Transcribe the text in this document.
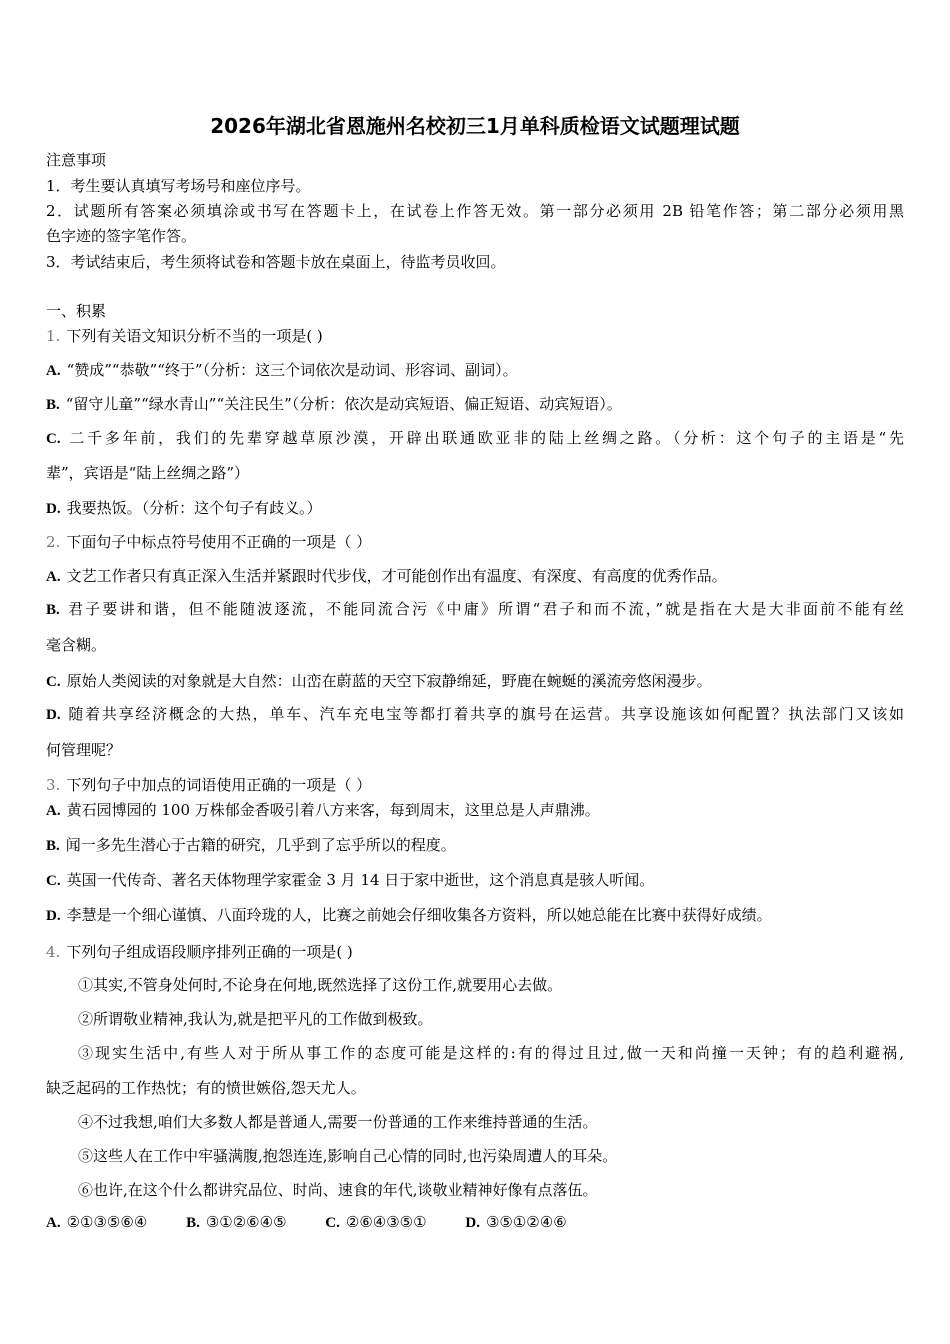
2026年湖北省恩施州名校初三1月单科质检语文试题理试题
注意事项
1．考生要认真填写考场号和座位序号。
2．试题所有答案必须填涂或书写在答题卡上，在试卷上作答无效。第一部分必须用 2B 铅笔作答；第二部分必须用黑
色字迹的签字笔作答。
3．考试结束后，考生须将试卷和答题卡放在桌面上，待监考员收回。
一、积累
1. 下列有关语文知识分析不当的一项是( )
A. “赞成”“恭敬”“终于”（分析：这三个词依次是动词、形容词、副词）。
B. “留守儿童”“绿水青山”“关注民生”（分析：依次是动宾短语、偏正短语、动宾短语）。
C. 二千多年前，我们的先辈穿越草原沙漠，开辟出联通欧亚非的陆上丝绸之路。（分析：这个句子的主语是“先
辈”，宾语是“陆上丝绸之路”）
D. 我要热饭。（分析：这个句子有歧义。）
2. 下面句子中标点符号使用不正确的一项是（ ）
A. 文艺工作者只有真正深入生活并紧跟时代步伐，才可能创作出有温度、有深度、有高度的优秀作品。
B. 君子要讲和谐，但不能随波逐流，不能同流合污《中庸》所谓“君子和而不流，”就是指在大是大非面前不能有丝
毫含糊。
C. 原始人类阅读的对象就是大自然：山峦在蔚蓝的天空下寂静绵延，野鹿在蜿蜒的溪流旁悠闲漫步。
D. 随着共享经济概念的大热，单车、汽车充电宝等都打着共享的旗号在运营。共享设施该如何配置？执法部门又该如
何管理呢？
3. 下列句子中加点的词语使用正确的一项是（ ）
A. 黄石园博园的 100 万株郁金香吸引着八方来客，每到周末，这里总是人声鼎沸。
B. 闻一多先生潜心于古籍的研究，几乎到了忘乎所以的程度。
C. 英国一代传奇、著名天体物理学家霍金 3 月 14 日于家中逝世，这个消息真是骇人听闻。
D. 李慧是一个细心谨慎、八面玲珑的人，比赛之前她会仔细收集各方资料，所以她总能在比赛中获得好成绩。
4. 下列句子组成语段顺序排列正确的一项是( )
①其实,不管身处何时,不论身在何地,既然选择了这份工作,就要用心去做。
②所谓敬业精神,我认为,就是把平凡的工作做到极致。
③现实生活中,有些人对于所从事工作的态度可能是这样的:有的得过且过,做一天和尚撞一天钟；有的趋利避祸,
缺乏起码的工作热忱；有的愤世嫉俗,怨天尤人。
④不过我想,咱们大多数人都是普通人,需要一份普通的工作来维持普通的生活。
⑤这些人在工作中牢骚满腹,抱怨连连,影响自己心情的同时,也污染周遭人的耳朵。
⑥也许,在这个什么都讲究品位、时尚、速食的年代,谈敬业精神好像有点落伍。
A. ②①③⑤⑥④	B. ③①②⑥④⑤	C. ②⑥④③⑤①	D. ③⑤①②④⑥
